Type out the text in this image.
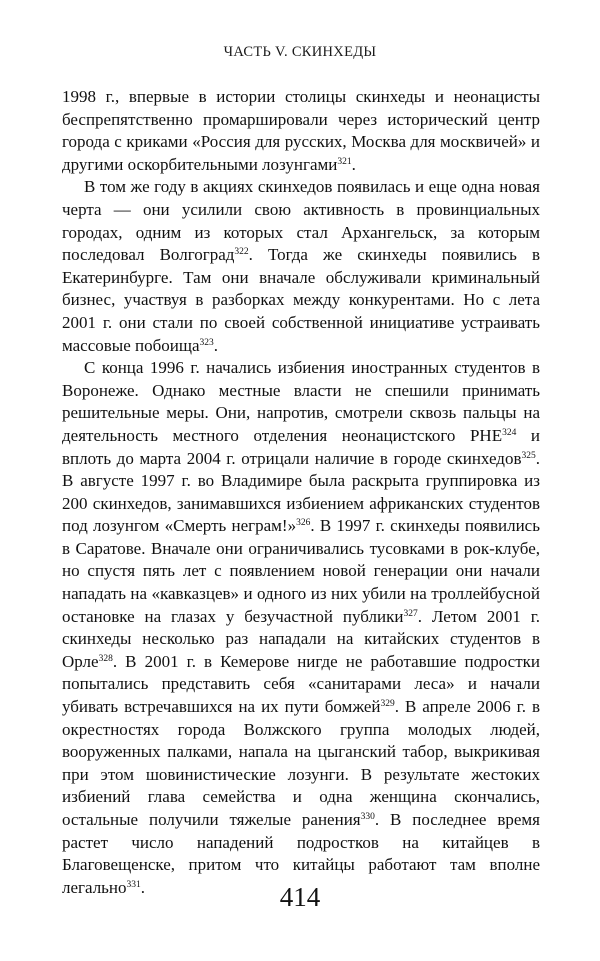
ЧАСТЬ V. СКИНХЕДЫ

1998 г., впервые в истории столицы скинхеды и неонацисты беспрепятственно промаршировали через исторический центр города с криками «Россия для русских, Москва для москвичей» и другими оскорбительными лозунгами$^{321}$.

В том же году в акциях скинхедов появилась и еще одна новая черта — они усилили свою активность в провинциальных городах, одним из которых стал Архангельск, за которым последовал Волгоград$^{322}$. Тогда же скинхеды появились в Екатеринбурге. Там они вначале обслуживали криминальный бизнес, участвуя в разборках между конкурентами. Но с лета 2001 г. они стали по своей собственной инициативе устраивать массовые побоища$^{323}$.

С конца 1996 г. начались избиения иностранных студентов в Воронеже. Однако местные власти не спешили принимать решительные меры. Они, напротив, смотрели сквозь пальцы на деятельность местного отделения неонацистского РНЕ$^{324}$ и вплоть до марта 2004 г. отрицали наличие в городе скинхедов$^{325}$. В августе 1997 г. во Владимире была раскрыта группировка из 200 скинхедов, занимавшихся избиением африканских студентов под лозунгом «Смерть неграм!»$^{326}$. В 1997 г. скинхеды появились в Саратове. Вначале они ограничивались тусовками в рок-клубе, но спустя пять лет с появлением новой генерации они начали нападать на «кавказцев» и одного из них убили на троллейбусной остановке на глазах у безучастной публики$^{327}$. Летом 2001 г. скинхеды несколько раз нападали на китайских студентов в Орле$^{328}$. В 2001 г. в Кемерове нигде не работавшие подростки попытались представить себя «санитарами леса» и начали убивать встречавшихся на их пути бомжей$^{329}$. В апреле 2006 г. в окрестностях города Волжского группа молодых людей, вооруженных палками, напала на цыганский табор, выкрикивая при этом шовинистические лозунги. В результате жестоких избиений глава семейства и одна женщина скончались, остальные получили тяжелые ранения$^{330}$. В последнее время растет число нападений подростков на китайцев в Благовещенске, притом что китайцы работают там вполне легально$^{331}$.	414
